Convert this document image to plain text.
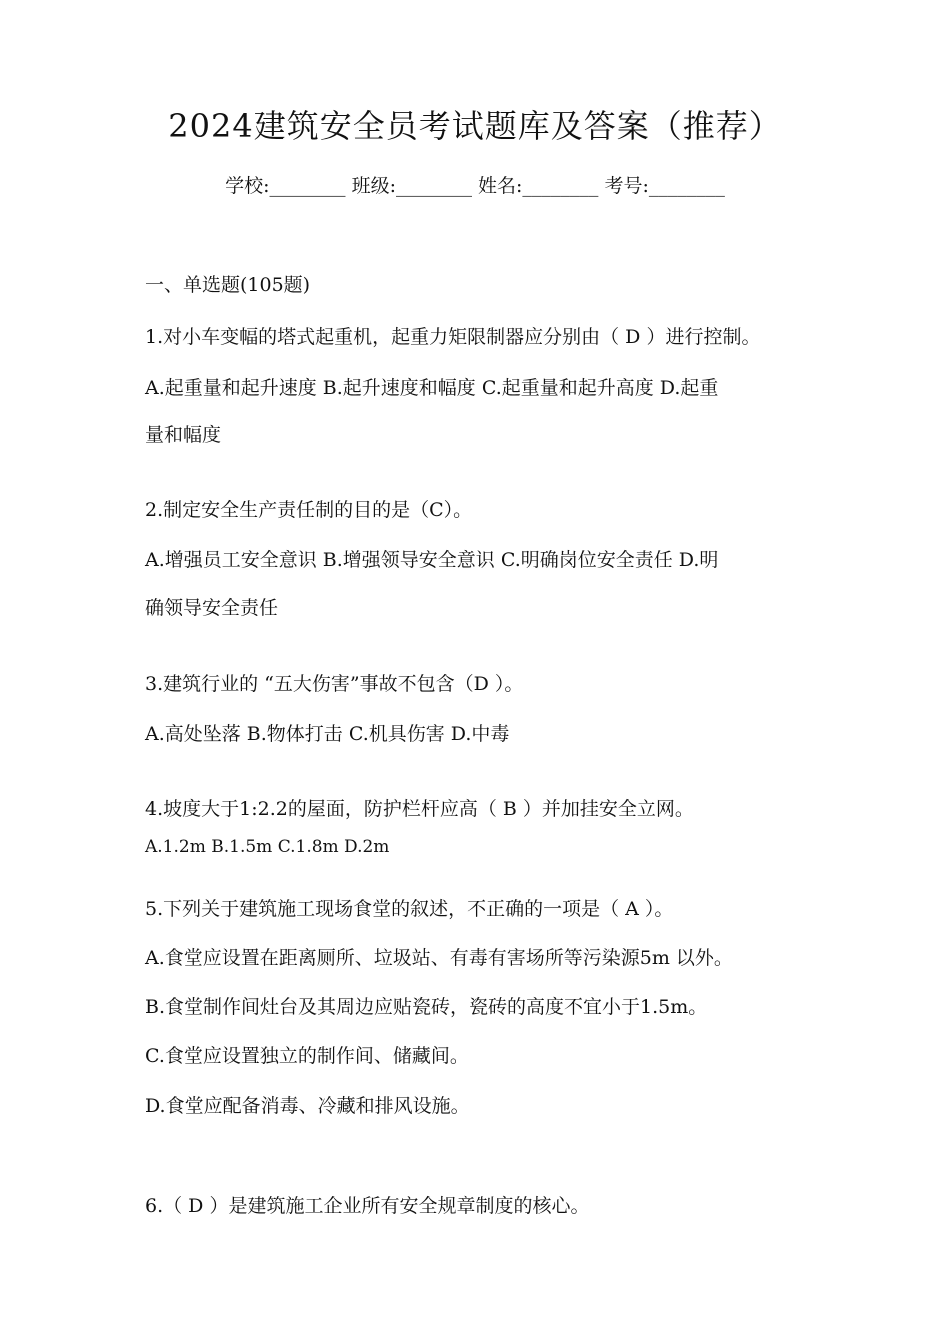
2024建筑安全员考试题库及答案（推荐）
学校:________ 班级:________ 姓名:________ 考号:________
一、单选题(105题)
1.对小车变幅的塔式起重机，起重力矩限制器应分别由（ D ）进行控制。
A.起重量和起升速度 B.起升速度和幅度 C.起重量和起升高度 D.起重
量和幅度
2.制定安全生产责任制的目的是（C）。
A.增强员工安全意识 B.增强领导安全意识 C.明确岗位安全责任 D.明
确领导安全责任
3.建筑行业的 “五大伤害”事故不包含（D ）。
A.高处坠落 B.物体打击 C.机具伤害 D.中毒
4.坡度大于1:2.2的屋面，防护栏杆应高（ B ）并加挂安全立网。
A.1.2m B.1.5m C.1.8m D.2m
5.下列关于建筑施工现场食堂的叙述，不正确的一项是（ A ）。
A.食堂应设置在距离厕所、垃圾站、有毒有害场所等污染源5m 以外。
B.食堂制作间灶台及其周边应贴瓷砖，瓷砖的高度不宜小于1.5m。
C.食堂应设置独立的制作间、储藏间。
D.食堂应配备消毒、冷藏和排风设施。
6.（ D ）是建筑施工企业所有安全规章制度的核心。
